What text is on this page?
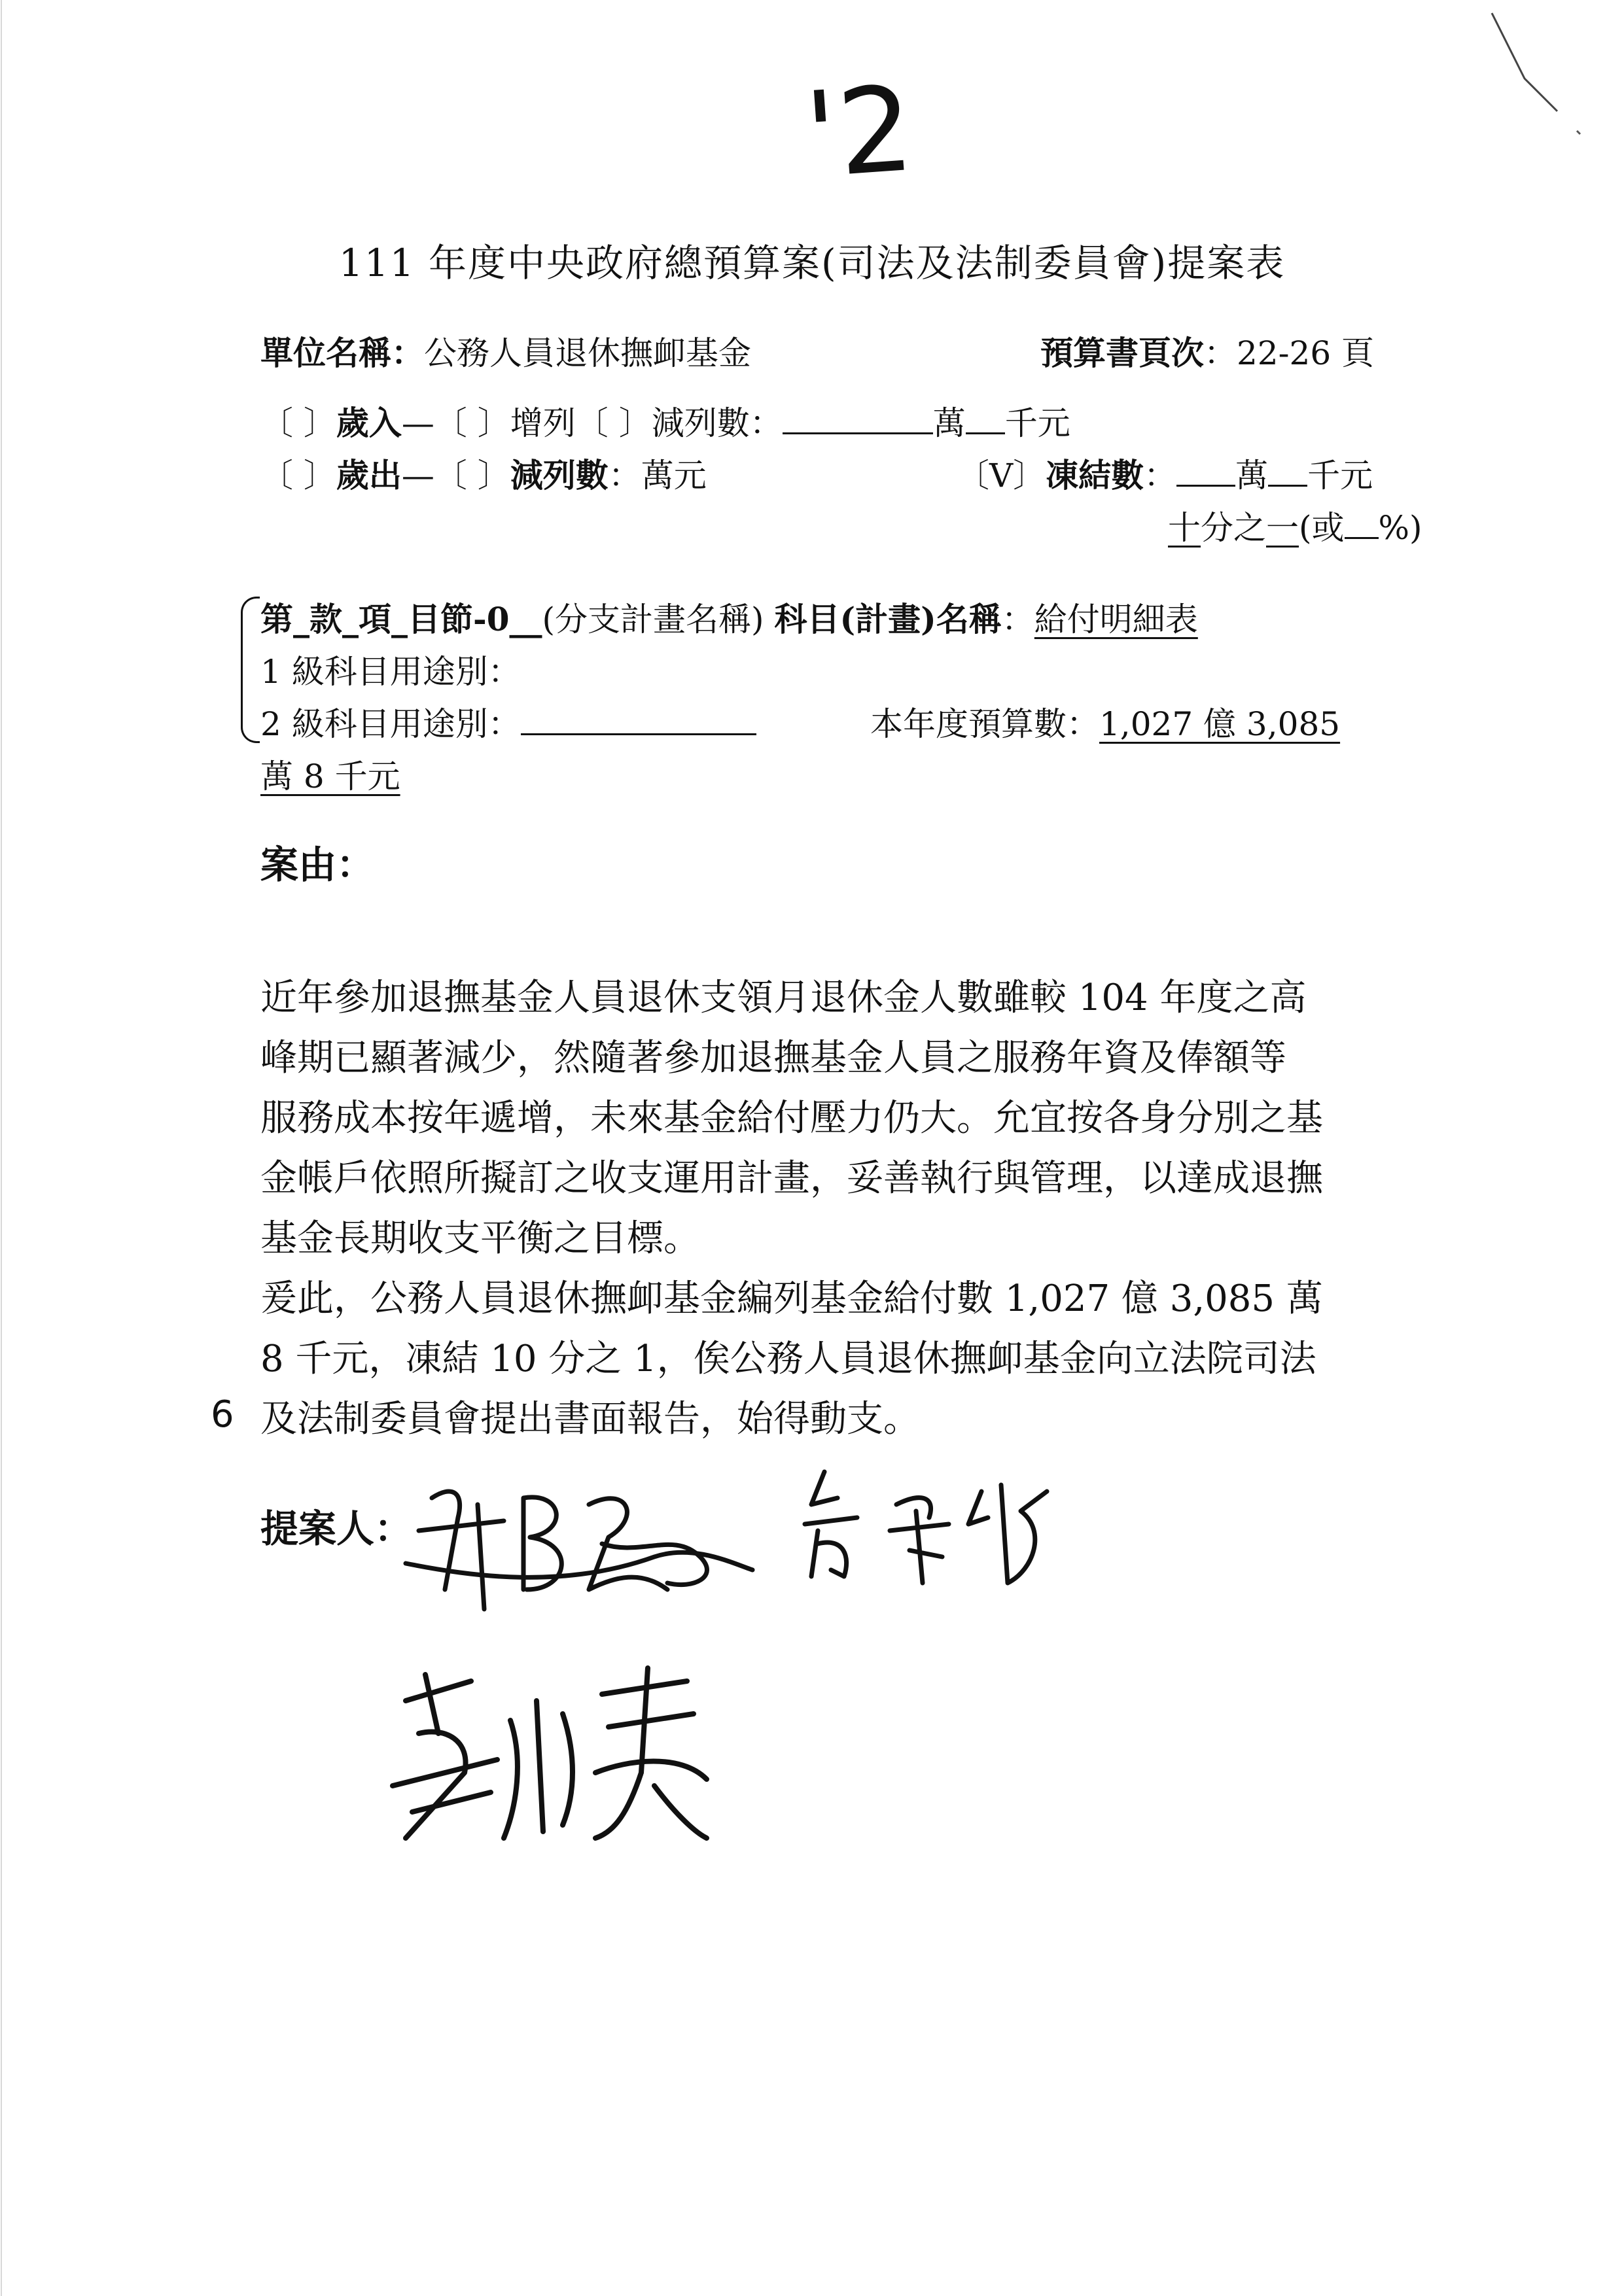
'2
111 年度中央政府總預算案(司法及法制委員會)提案表
單位名稱：公務人員退休撫卹基金	預算書頁次：22-26 頁
〔 〕歲入—〔 〕增列〔 〕減列數：	萬 千元
〔 〕歲出—〔 〕減列數：萬元	〔V〕凍結數： 萬 千元
十分之一(或 %)
第_款_項_目節-0__(分支計畫名稱) 科目(計畫)名稱：給付明細表
1 級科目用途別：
2 級科目用途別：	本年度預算數：1,027 億 3,085
萬 8 千元
案由：
近年參加退撫基金人員退休支領月退休金人數雖較 104 年度之高
峰期已顯著減少，然隨著參加退撫基金人員之服務年資及俸額等
服務成本按年遞增，未來基金給付壓力仍大。允宜按各身分別之基
金帳戶依照所擬訂之收支運用計畫，妥善執行與管理，以達成退撫
基金長期收支平衡之目標。
爰此，公務人員退休撫卹基金編列基金給付數 1,027 億 3,085 萬
8 千元，凍結 10 分之 1，俟公務人員退休撫卹基金向立法院司法
及法制委員會提出書面報告，始得動支。
6
提案人：
